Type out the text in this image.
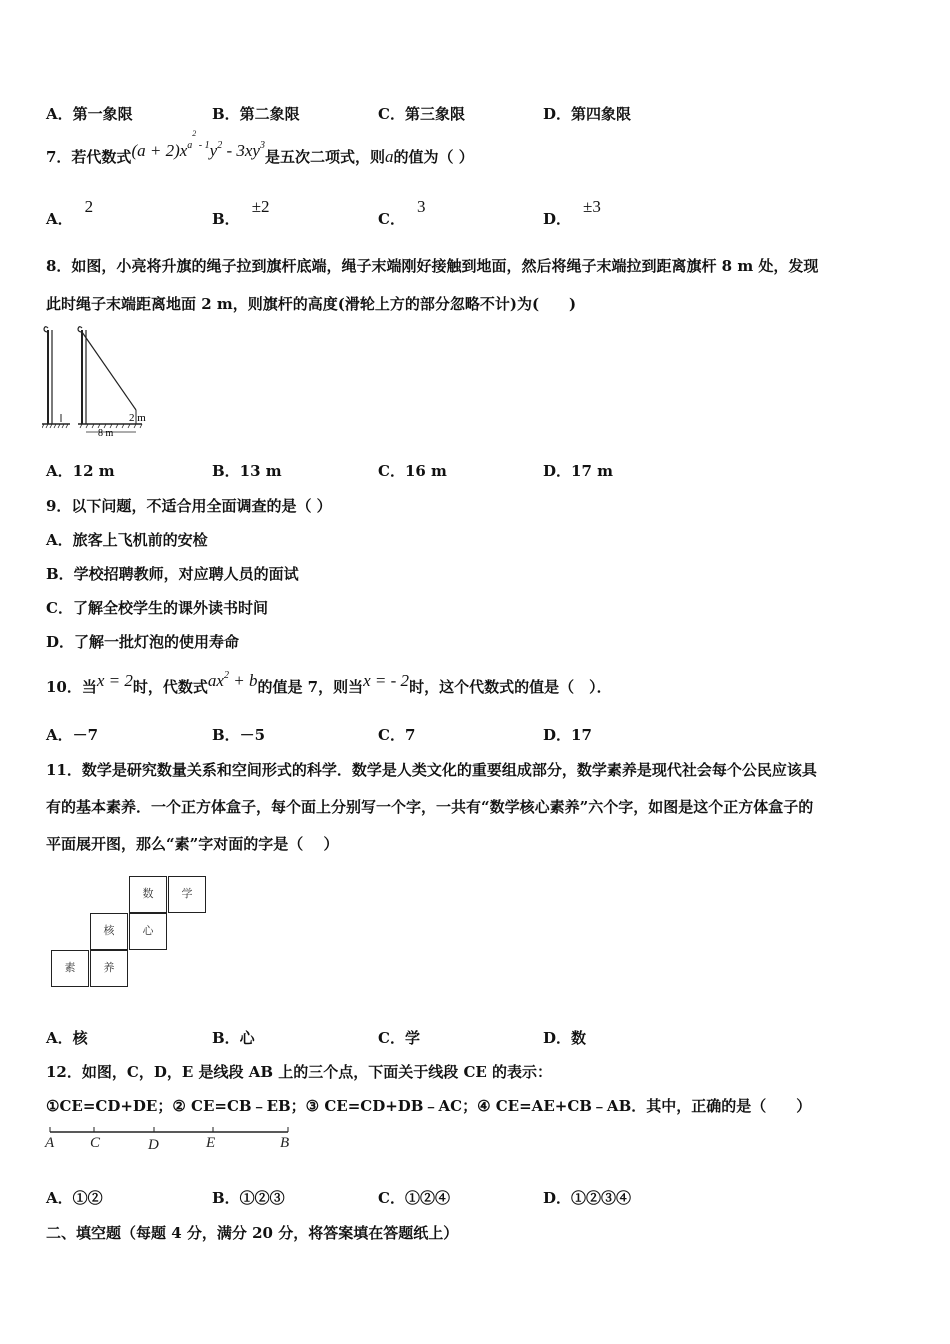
A．第一象限	B．第二象限	C．第三象限	D．第四象限
7．若代数式$(a + 2)x^{a^2 - 1}y^2 - 3xy^3$是五次二项式，则a的值为（ ）
A．2
B．±2
C．3
D．±3
8．如图，小亮将升旗的绳子拉到旗杆底端，绳子末端刚好接触到地面，然后将绳子末端拉到距离旗杆 8 m 处，发现
此时绳子末端距离地面 2 m，则旗杆的高度(滑轮上方的部分忽略不计)为(　　)
8 m
2 m
A．12 m	B．13 m	C．16 m	D．17 m
9．以下问题，不适合用全面调查的是（ ）
A．旅客上飞机前的安检
B．学校招聘教师，对应聘人员的面试
C．了解全校学生的课外读书时间
D．了解一批灯泡的使用寿命
10．当x = 2时，代数式$ax^2 + b$的值是 7，则当x = - 2时，这个代数式的值是（　）．
A．－7	B．－5	C．7	D．17
11．数学是研究数量关系和空间形式的科学．数学是人类文化的重要组成部分，数学素养是现代社会每个公民应该具
有的基本素养．一个正方体盒子，每个面上分别写一个字，一共有“数学核心素养”六个字，如图是这个正方体盒子的
平面展开图，那么“素”字对面的字是（　 ）
数	学
核	心
素	养
A．核	B．心	C．学	D．数
12．如图，C，D，E 是线段 AB 上的三个点，下面关于线段 CE 的表示：
①CE=CD+DE；② CE=CB﹣EB；③ CE=CD+DB﹣AC；④ CE=AE+CB﹣AB．其中，正确的是（　　）
A C	D	E	B
A．①②	B．①②③	C．①②④	D．①②③④
二、填空题（每题 4 分，满分 20 分，将答案填在答题纸上）
